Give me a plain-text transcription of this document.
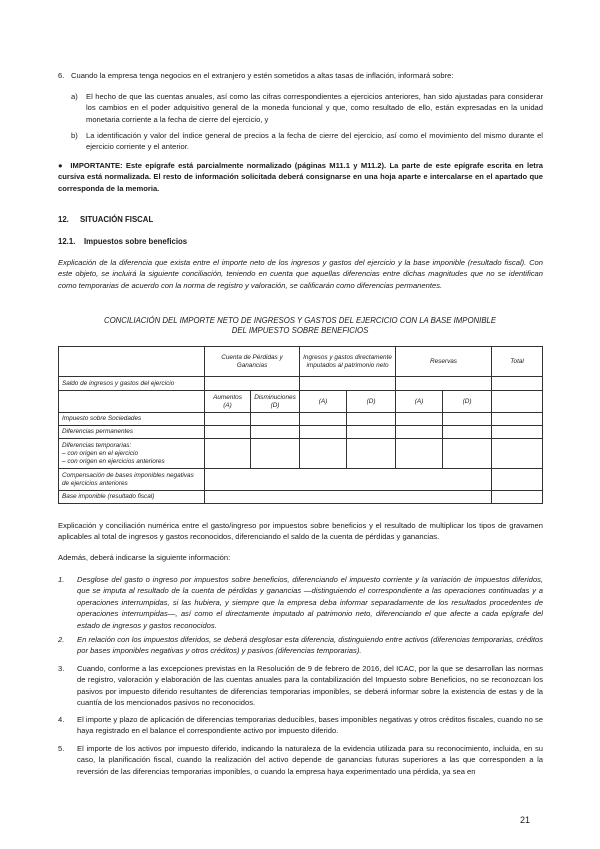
6. Cuando la empresa tenga negocios en el extranjero y estén sometidos a altas tasas de inflación, informará sobre:

a) El hecho de que las cuentas anuales, así como las cifras correspondientes a ejercicios anteriores, han sido ajustadas para considerar los cambios en el poder adquisitivo general de la moneda funcional y que, como resultado de ello, están expresadas en la unidad monetaria corriente a la fecha de cierre del ejercicio, y

b) La identificación y valor del índice general de precios a la fecha de cierre del ejercicio, así como el movimiento del mismo durante el ejercicio corriente y el anterior.

● IMPORTANTE: Este epígrafe está parcialmente normalizado (páginas M11.1 y M11.2). La parte de este epígrafe escrita en letra cursiva está normalizada. El resto de información solicitada deberá consignarse en una hoja aparte e intercalarse en el apartado que corresponda de la memoria.

12. SITUACIÓN FISCAL
12.1. Impuestos sobre beneficios

Explicación de la diferencia que exista entre el importe neto de los ingresos y gastos del ejercicio y la base imponible (resultado fiscal). Con este objeto, se incluirá la siguiente conciliación, teniendo en cuenta que aquellas diferencias entre dichas magnitudes que no se identifican como temporarias de acuerdo con la norma de registro y valoración, se calificarán como diferencias permanentes.

CONCILIACIÓN DEL IMPORTE NETO DE INGRESOS Y GASTOS DEL EJERCICIO CON LA BASE IMPONIBLE
DEL IMPUESTO SOBRE BENEFICIOS
	Cuenta de Pérdidas y Ganancias		Ingresos y gastos directamente imputados al patrimonio neto		Reservas		Total
Saldo de ingresos y gastos del ejercicio							
	Aumentos (A)	Disminuciones (D)	(A)	(D)	(A)	(D)	
Impuesto sobre Sociedades							
Diferencias permanentes							

Diferencias temporarias:
– con origen en el ejercicio
– con origen en ejercicios anteriores							

Compensación de bases imponibles negativas de ejercicios anteriores							
Base imponible (resultado fiscal)							

Explicación y conciliación numérica entre el gasto/ingreso por impuestos sobre beneficios y el resultado de multiplicar los tipos de gravamen aplicables al total de ingresos y gastos reconocidos, diferenciando el saldo de la cuenta de pérdidas y ganancias.

Además, deberá indicarse la siguiente información:

1. Desglose del gasto o ingreso por impuestos sobre beneficios, diferenciando el impuesto corriente y la variación de impuestos diferidos, que se imputa al resultado de la cuenta de pérdidas y ganancias —distinguiendo el correspondiente a las operaciones continuadas y a operaciones interrumpidas, si las hubiera, y siempre que la empresa deba informar separadamente de los resultados procedentes de operaciones interrumpidas—, así como el directamente imputado al patrimonio neto, diferenciando el que afecte a cada epígrafe del estado de ingresos y gastos reconocidos.

2. En relación con los impuestos diferidos, se deberá desglosar esta diferencia, distinguiendo entre activos (diferencias temporarias, créditos por bases imponibles negativas y otros créditos) y pasivos (diferencias temporarias).

3. Cuando, conforme a las excepciones previstas en la Resolución de 9 de febrero de 2016, del ICAC, por la que se desarrollan las normas de registro, valoración y elaboración de las cuentas anuales para la contabilización del Impuesto sobre Beneficios, no se reconozcan los pasivos por impuesto diferido resultantes de diferencias temporarias imponibles, se deberá informar sobre la existencia de estas y de la cuantía de los mencionados pasivos no reconocidos.

4. El importe y plazo de aplicación de diferencias temporarias deducibles, bases imponibles negativas y otros créditos fiscales, cuando no se haya registrado en el balance el correspondiente activo por impuesto diferido.

5. El importe de los activos por impuesto diferido, indicando la naturaleza de la evidencia utilizada para su reconocimiento, incluida, en su caso, la planificación fiscal, cuando la realización del activo depende de ganancias futuras superiores a las que corresponden a la reversión de las diferencias temporarias imponibles, o cuando la empresa haya experimentado una pérdida, ya sea en

21
